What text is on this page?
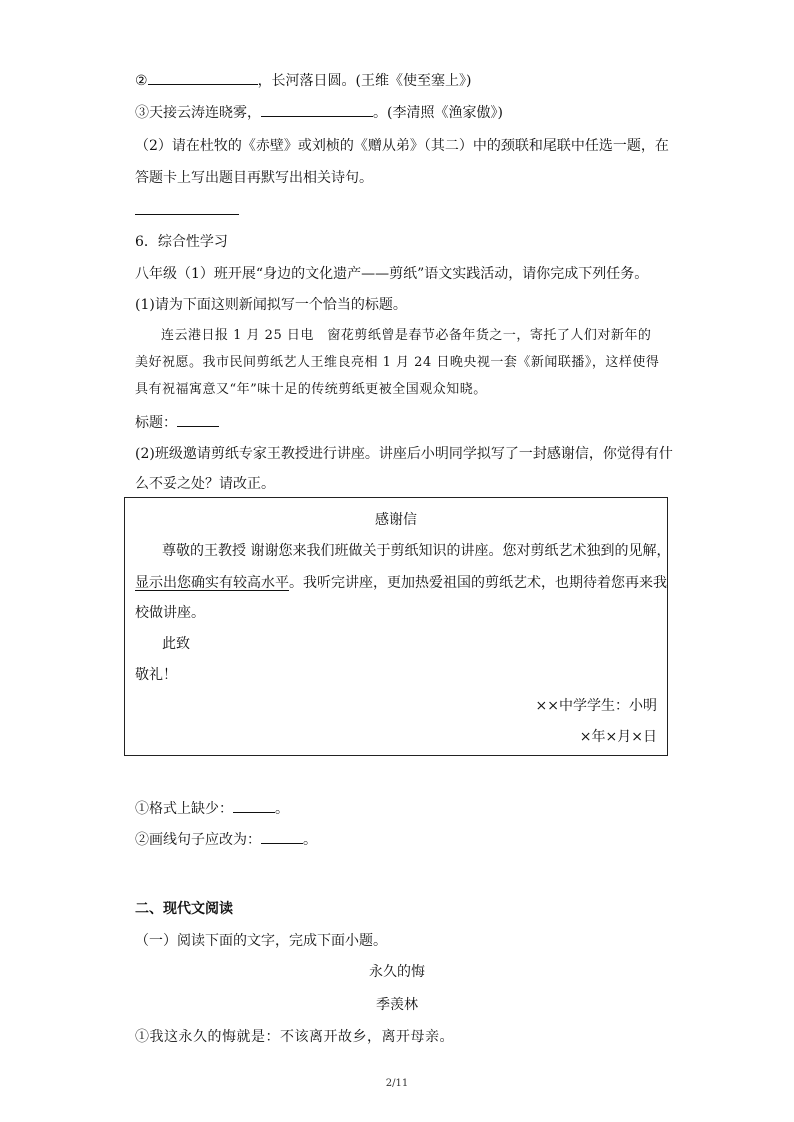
②	，长河落日圆。(王维《使至塞上》)
③天接云涛连晓雾，	。(李清照《渔家傲》)
（2）请在杜牧的《赤壁》或刘桢的《赠从弟》（其二）中的颈联和尾联中任选一题，在
答题卡上写出题目再默写出相关诗句。
6．综合性学习
八年级（1）班开展“身边的文化遗产——剪纸”语文实践活动，请你完成下列任务。
(1)请为下面这则新闻拟写一个恰当的标题。

连云港日报 1 月 25 日电　窗花剪纸曾是春节必备年货之一，寄托了人们对新年的

美好祝愿。我市民间剪纸艺人王维良亮相 1 月 24 日晚央视一套《新闻联播》，这样使得

具有祝福寓意又“年”味十足的传统剪纸更被全国观众知晓。

标题：
(2)班级邀请剪纸专家王教授进行讲座。讲座后小明同学拟写了一封感谢信，你觉得有什
么不妥之处？请改正。
感谢信
尊敬的王教授 谢谢您来我们班做关于剪纸知识的讲座。您对剪纸艺术独到的见解，
显示出您确实有较高水平。我听完讲座，更加热爱祖国的剪纸艺术，也期待着您再来我
校做讲座。
此致
敬礼！
××中学学生：小明
×年×月×日
①格式上缺少：	。
②画线句子应改为：	。
二、现代文阅读
（一）阅读下面的文字，完成下面小题。
永久的悔
季羡林
①我这永久的悔就是：不该离开故乡，离开母亲。
2/11
